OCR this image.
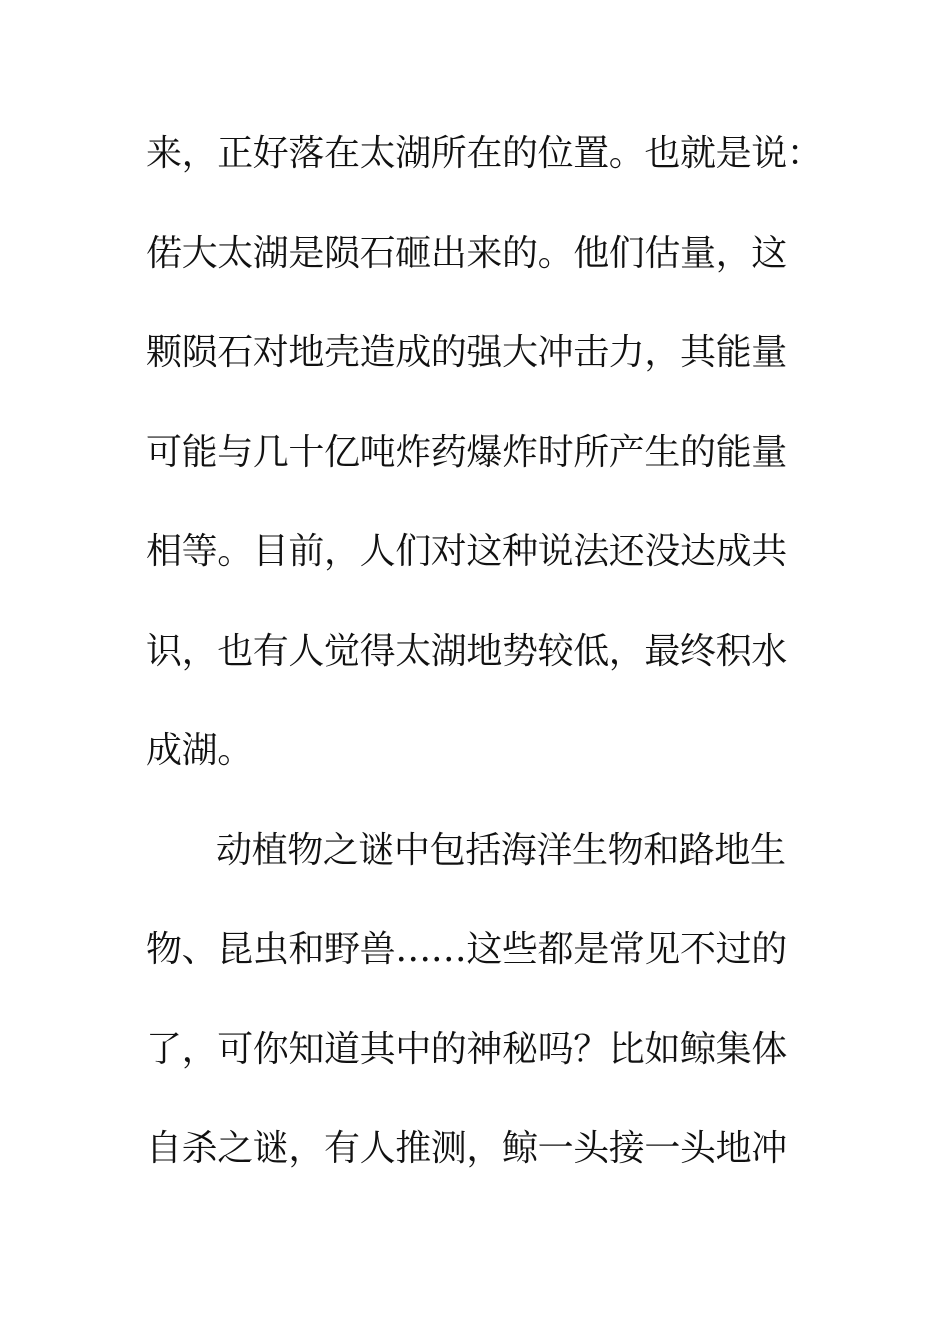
来，正好落在太湖所在的位置。也就是说：
偌大太湖是陨石砸出来的。他们估量，这
颗陨石对地壳造成的强大冲击力，其能量
可能与几十亿吨炸药爆炸时所产生的能量
相等。目前，人们对这种说法还没达成共
识，也有人觉得太湖地势较低，最终积水
成湖。
动植物之谜中包括海洋生物和路地生
物、昆虫和野兽……这些都是常见不过的
了，可你知道其中的神秘吗？比如鲸集体
自杀之谜，有人推测，鲸一头接一头地冲
